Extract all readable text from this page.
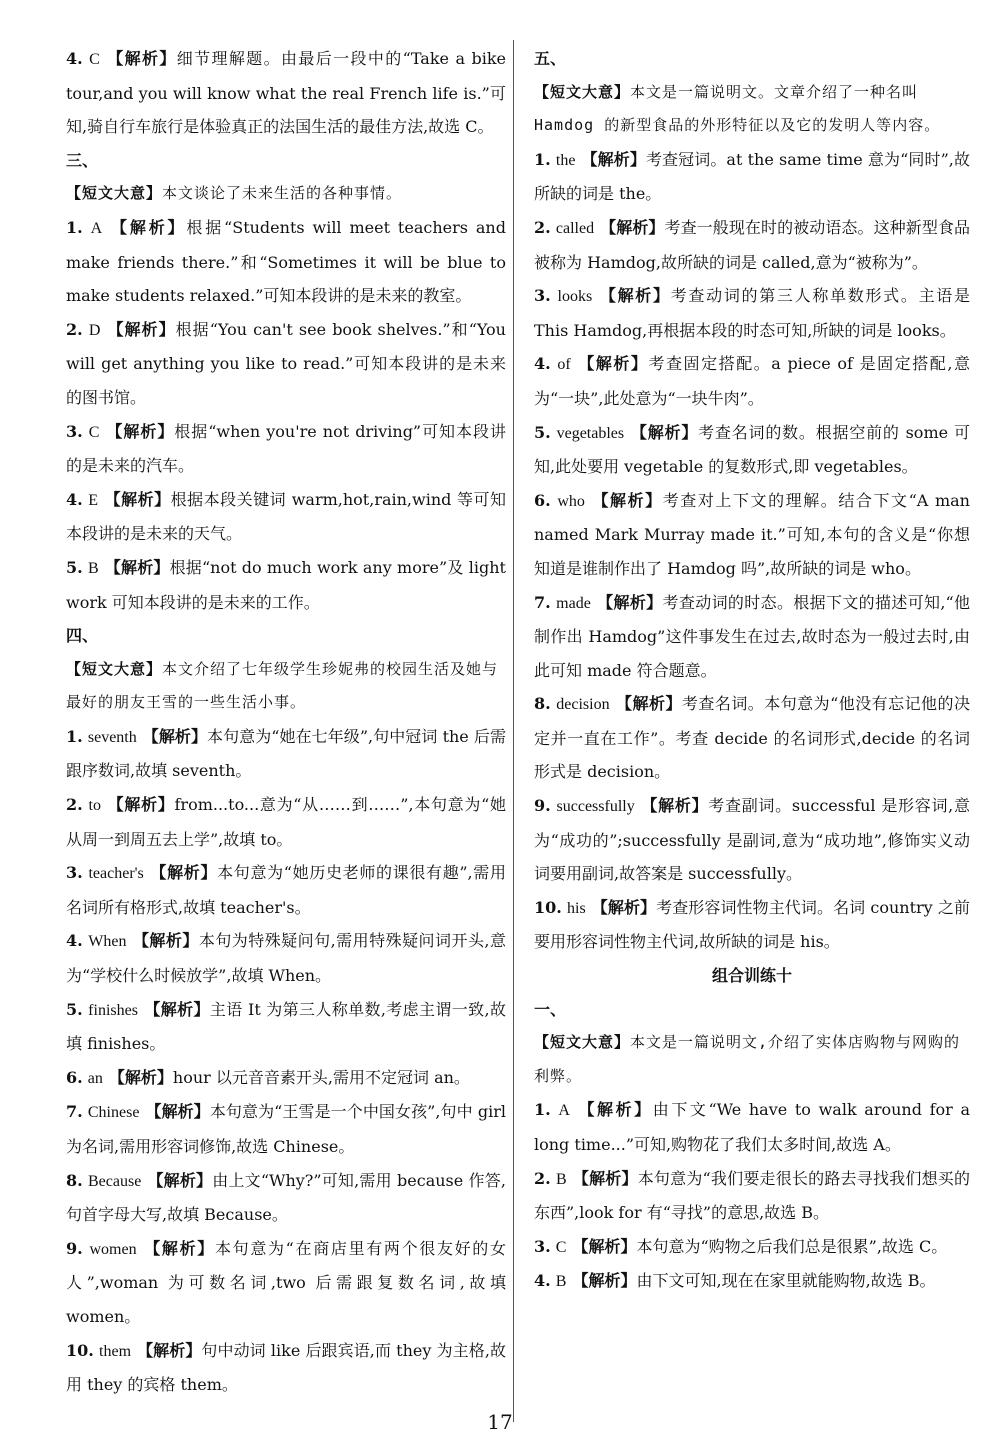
4. C 【解析】细节理解题。由最后一段中的“Take a bike tour,and you will know what the real French life is.”可知,骑自行车旅行是体验真正的法国生活的最佳方法,故选 C。

三、

【短文大意】本文谈论了未来生活的各种事情。

1. A 【解析】根据“Students will meet teachers and make friends there.”和“Sometimes it will be blue to make students relaxed.”可知本段讲的是未来的教室。

2. D 【解析】根据“You can't see book shelves.”和“You will get anything you like to read.”可知本段讲的是未来的图书馆。

3. C 【解析】根据“when you're not driving”可知本段讲的是未来的汽车。

4. E 【解析】根据本段关键词 warm,hot,rain,wind 等可知本段讲的是未来的天气。

5. B 【解析】根据“not do much work any more”及 light work 可知本段讲的是未来的工作。

四、

【短文大意】本文介绍了七年级学生珍妮弗的校园生活及她与最好的朋友王雪的一些生活小事。

1. seventh 【解析】本句意为“她在七年级”,句中冠词 the 后需跟序数词,故填 seventh。

2. to 【解析】from...to...意为“从……到……”,本句意为“她从周一到周五去上学”,故填 to。

3. teacher's 【解析】本句意为“她历史老师的课很有趣”,需用名词所有格形式,故填 teacher's。

4. When 【解析】本句为特殊疑问句,需用特殊疑问词开头,意为“学校什么时候放学”,故填 When。

5. finishes 【解析】主语 It 为第三人称单数,考虑主谓一致,故填 finishes。

6. an 【解析】hour 以元音音素开头,需用不定冠词 an。

7. Chinese 【解析】本句意为“王雪是一个中国女孩”,句中 girl 为名词,需用形容词修饰,故选 Chinese。

8. Because 【解析】由上文“Why?”可知,需用 because 作答,句首字母大写,故填 Because。

9. women 【解析】本句意为“在商店里有两个很友好的女人”,woman 为可数名词,two 后需跟复数名词,故填 women。

10. them 【解析】句中动词 like 后跟宾语,而 they 为主格,故用 they 的宾格 them。

五、

【短文大意】本文是一篇说明文。文章介绍了一种名叫 Hamdog 的新型食品的外形特征以及它的发明人等内容。

1. the 【解析】考查冠词。at the same time 意为“同时”,故所缺的词是 the。

2. called 【解析】考查一般现在时的被动语态。这种新型食品被称为 Hamdog,故所缺的词是 called,意为“被称为”。

3. looks 【解析】考查动词的第三人称单数形式。主语是 This Hamdog,再根据本段的时态可知,所缺的词是 looks。

4. of 【解析】考查固定搭配。a piece of 是固定搭配,意为“一块”,此处意为“一块牛肉”。

5. vegetables 【解析】考查名词的数。根据空前的 some 可知,此处要用 vegetable 的复数形式,即 vegetables。

6. who 【解析】考查对上下文的理解。结合下文“A man named Mark Murray made it.”可知,本句的含义是“你想知道是谁制作出了 Hamdog 吗”,故所缺的词是 who。

7. made 【解析】考查动词的时态。根据下文的描述可知,“他制作出 Hamdog”这件事发生在过去,故时态为一般过去时,由此可知 made 符合题意。

8. decision 【解析】考查名词。本句意为“他没有忘记他的决定并一直在工作”。考查 decide 的名词形式,decide 的名词形式是 decision。

9. successfully 【解析】考查副词。successful 是形容词,意为“成功的”;successfully 是副词,意为“成功地”,修饰实义动词要用副词,故答案是 successfully。

10. his 【解析】考查形容词性物主代词。名词 country 之前要用形容词性物主代词,故所缺的词是 his。

组合训练十

一、

【短文大意】本文是一篇说明文,介绍了实体店购物与网购的利弊。

1. A 【解析】由下文“We have to walk around for a long time...”可知,购物花了我们太多时间,故选 A。

2. B 【解析】本句意为“我们要走很长的路去寻找我们想买的东西”,look for 有“寻找”的意思,故选 B。

3. C 【解析】本句意为“购物之后我们总是很累”,故选 C。

4. B 【解析】由下文可知,现在在家里就能购物,故选 B。

17
